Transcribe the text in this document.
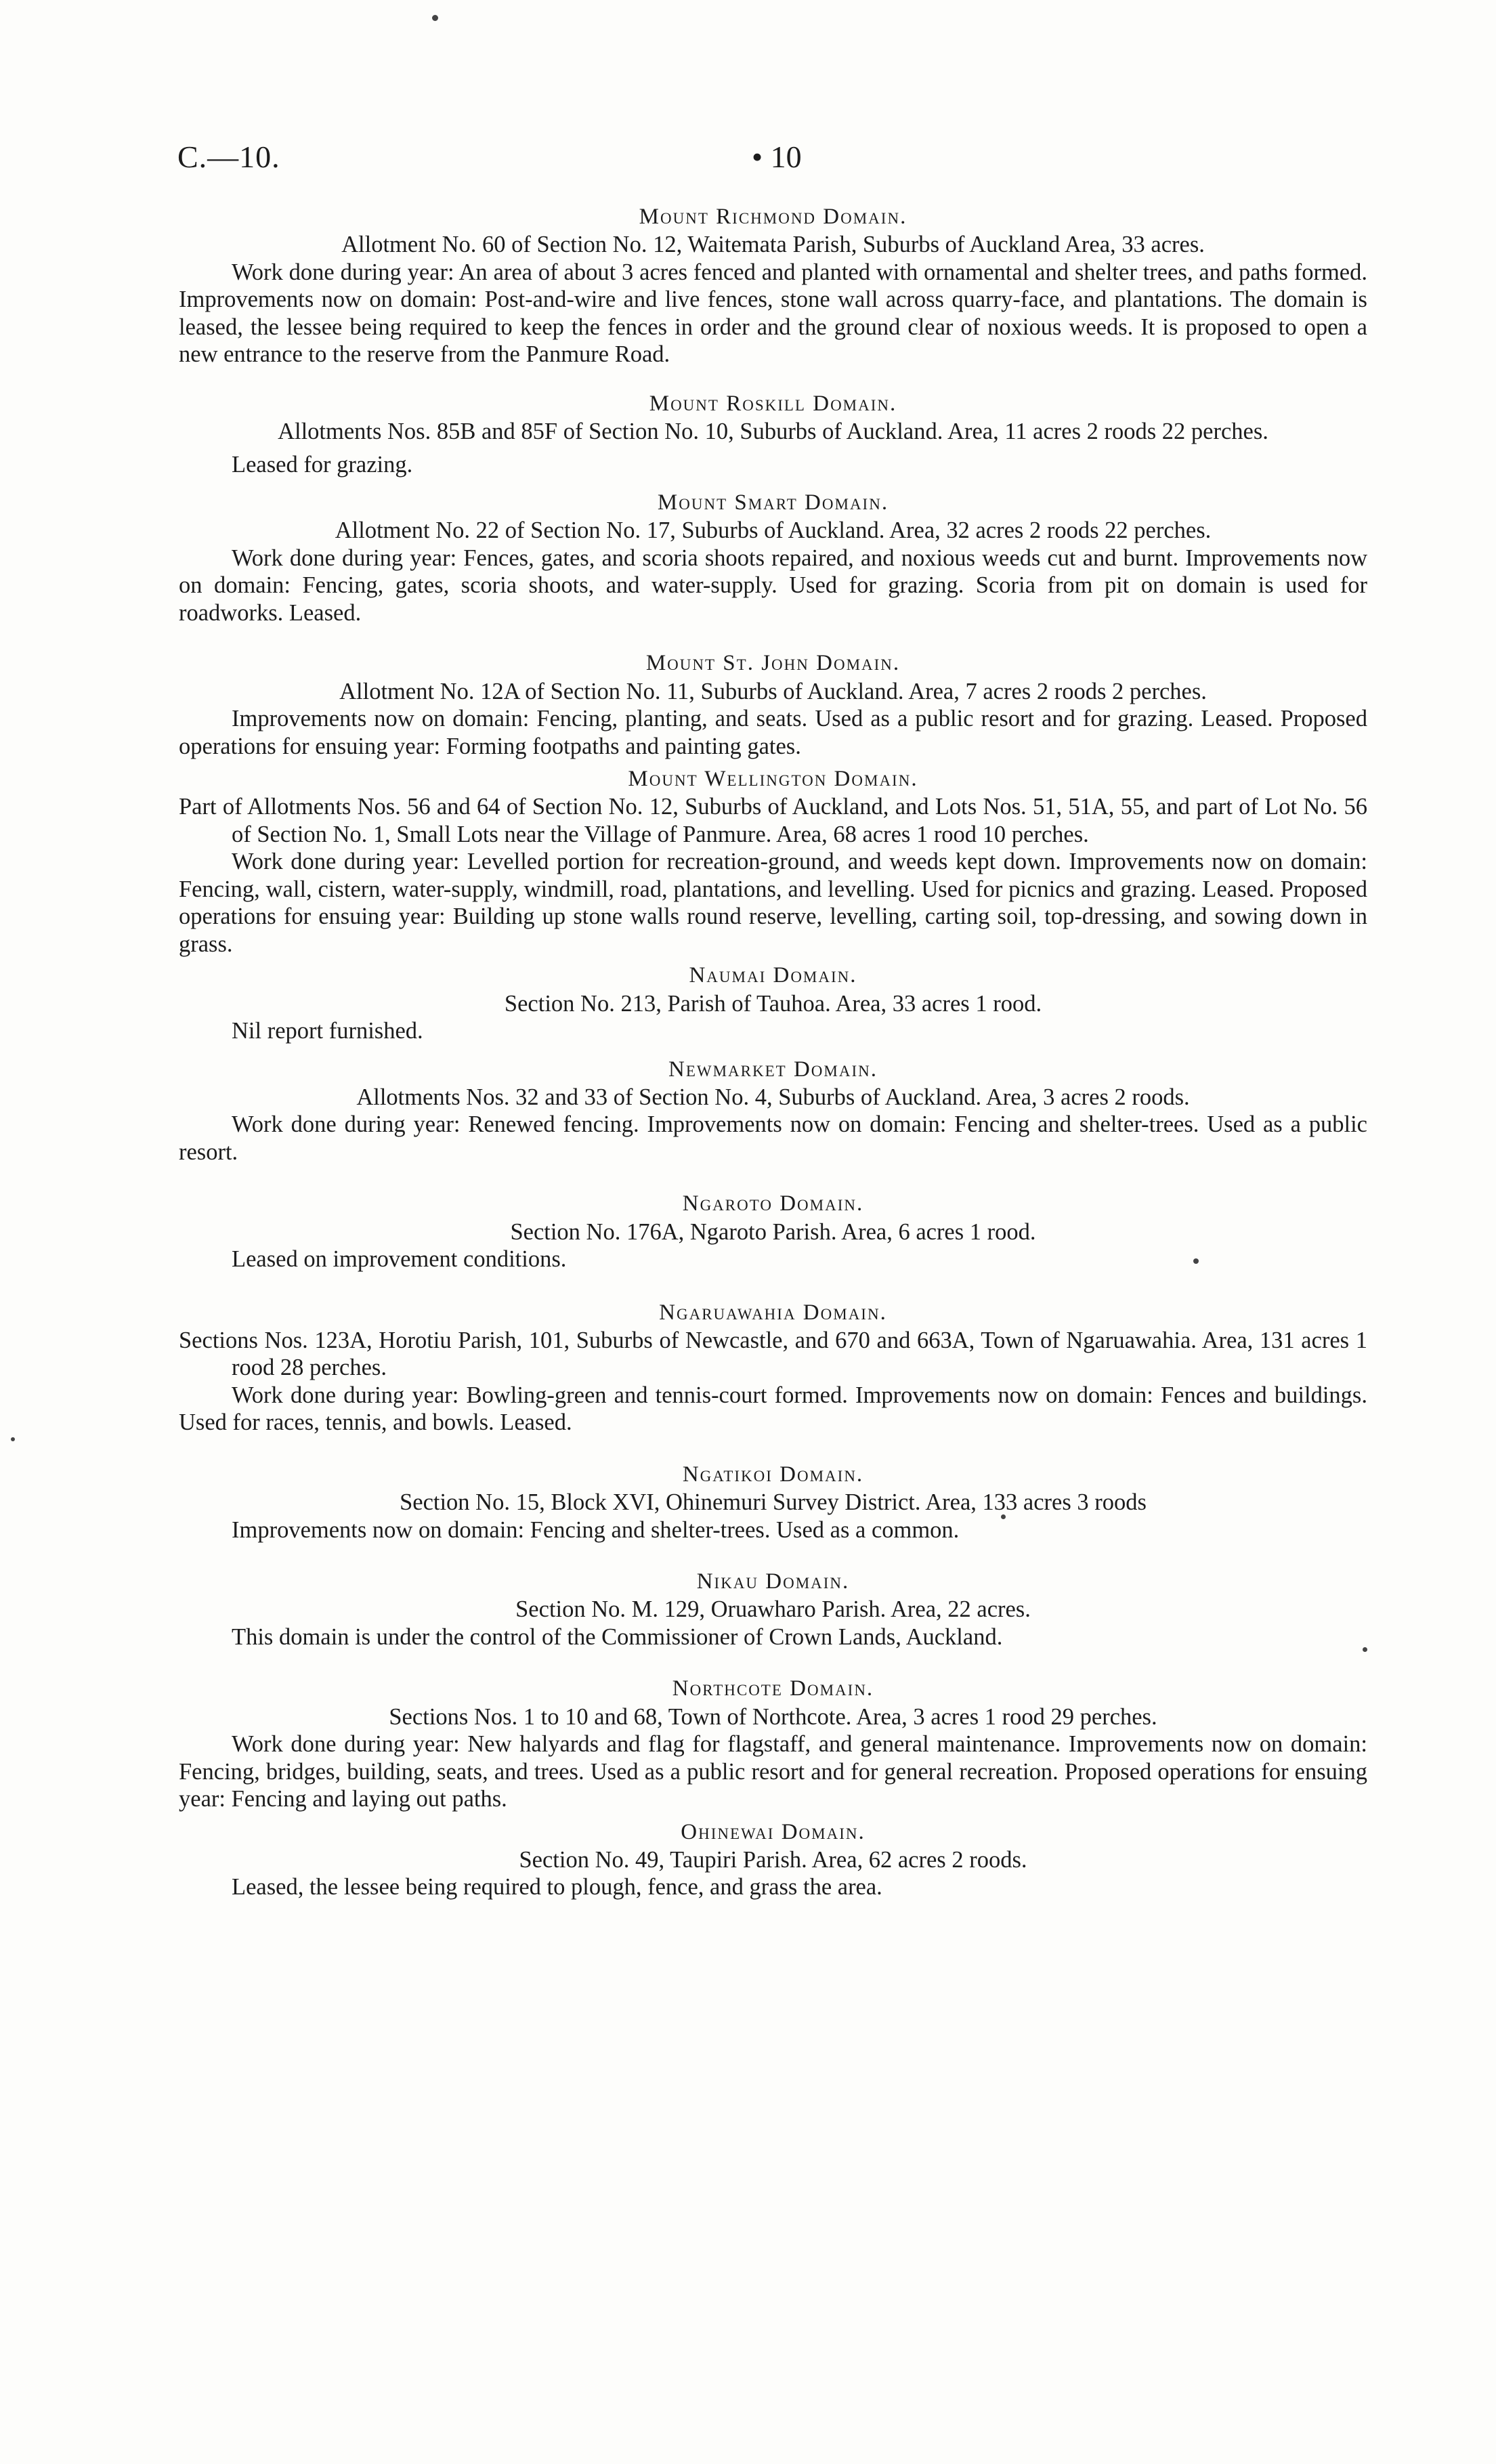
C.—10.	• 10
Mount Richmond Domain.

Allotment No. 60 of Section No. 12, Waitemata Parish, Suburbs of Auckland Area, 33 acres.

Work done during year: An area of about 3 acres fenced and planted with ornamental and shelter trees, and paths formed. Improvements now on domain: Post-and-wire and live fences, stone wall across quarry-face, and plantations. The domain is leased, the lessee being required to keep the fences in order and the ground clear of noxious weeds. It is proposed to open a new entrance to the reserve from the Panmure Road.

Mount Roskill Domain.

Allotments Nos. 85B and 85F of Section No. 10, Suburbs of Auckland. Area, 11 acres 2 roods 22 perches.

Leased for grazing.

Mount Smart Domain.

Allotment No. 22 of Section No. 17, Suburbs of Auckland. Area, 32 acres 2 roods 22 perches.

Work done during year: Fences, gates, and scoria shoots repaired, and noxious weeds cut and burnt. Improvements now on domain: Fencing, gates, scoria shoots, and water-supply. Used for grazing. Scoria from pit on domain is used for roadworks. Leased.

Mount St. John Domain.

Allotment No. 12A of Section No. 11, Suburbs of Auckland. Area, 7 acres 2 roods 2 perches.

Improvements now on domain: Fencing, planting, and seats. Used as a public resort and for grazing. Leased. Proposed operations for ensuing year: Forming footpaths and painting gates.

Mount Wellington Domain.

Part of Allotments Nos. 56 and 64 of Section No. 12, Suburbs of Auckland, and Lots Nos. 51, 51A, 55, and part of Lot No. 56 of Section No. 1, Small Lots near the Village of Panmure. Area, 68 acres 1 rood 10 perches.

Work done during year: Levelled portion for recreation-ground, and weeds kept down. Improvements now on domain: Fencing, wall, cistern, water-supply, windmill, road, plantations, and levelling. Used for picnics and grazing. Leased. Proposed operations for ensuing year: Building up stone walls round reserve, levelling, carting soil, top-dressing, and sowing down in grass.

Naumai Domain.

Section No. 213, Parish of Tauhoa. Area, 33 acres 1 rood.

Nil report furnished.

Newmarket Domain.

Allotments Nos. 32 and 33 of Section No. 4, Suburbs of Auckland. Area, 3 acres 2 roods.

Work done during year: Renewed fencing. Improvements now on domain: Fencing and shelter-trees. Used as a public resort.

Ngaroto Domain.

Section No. 176A, Ngaroto Parish. Area, 6 acres 1 rood.

Leased on improvement conditions.

Ngaruawahia Domain.

Sections Nos. 123A, Horotiu Parish, 101, Suburbs of Newcastle, and 670 and 663A, Town of Ngaruawahia. Area, 131 acres 1 rood 28 perches.

Work done during year: Bowling-green and tennis-court formed. Improvements now on domain: Fences and buildings. Used for races, tennis, and bowls. Leased.

Ngatikoi Domain.

Section No. 15, Block XVI, Ohinemuri Survey District. Area, 133 acres 3 roods

Improvements now on domain: Fencing and shelter-trees. Used as a common.

Nikau Domain.

Section No. M. 129, Oruawharo Parish. Area, 22 acres.

This domain is under the control of the Commissioner of Crown Lands, Auckland.

Northcote Domain.

Sections Nos. 1 to 10 and 68, Town of Northcote. Area, 3 acres 1 rood 29 perches.

Work done during year: New halyards and flag for flagstaff, and general maintenance. Improvements now on domain: Fencing, bridges, building, seats, and trees. Used as a public resort and for general recreation. Proposed operations for ensuing year: Fencing and laying out paths.

Ohinewai Domain.

Section No. 49, Taupiri Parish. Area, 62 acres 2 roods.

Leased, the lessee being required to plough, fence, and grass the area.
